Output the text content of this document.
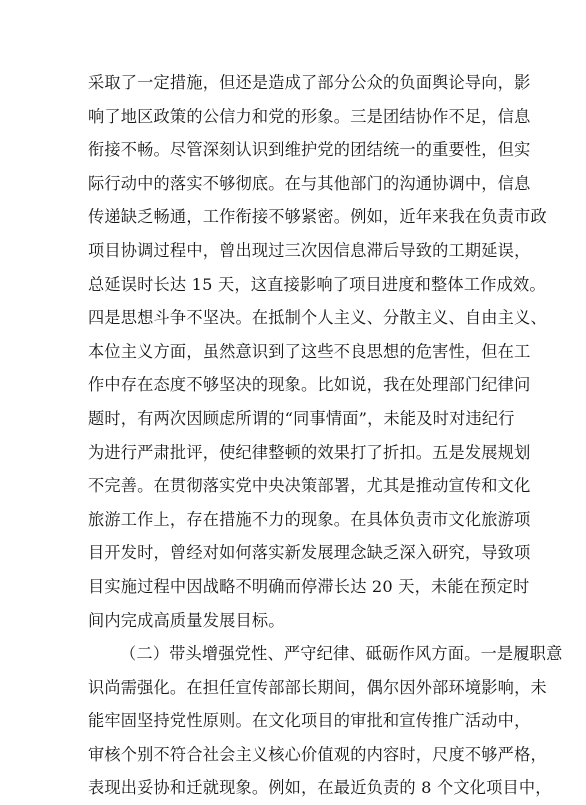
采取了一定措施，但还是造成了部分公众的负面舆论导向，影
响了地区政策的公信力和党的形象。三是团结协作不足，信息
衔接不畅。尽管深刻认识到维护党的团结统一的重要性，但实
际行动中的落实不够彻底。在与其他部门的沟通协调中，信息
传递缺乏畅通，工作衔接不够紧密。例如，近年来我在负责市政
项目协调过程中，曾出现过三次因信息滞后导致的工期延误，
总延误时长达 15 天，这直接影响了项目进度和整体工作成效。
四是思想斗争不坚决。在抵制个人主义、分散主义、自由主义、
本位主义方面，虽然意识到了这些不良思想的危害性，但在工
作中存在态度不够坚决的现象。比如说，我在处理部门纪律问
题时，有两次因顾虑所谓的“同事情面”，未能及时对违纪行
为进行严肃批评，使纪律整顿的效果打了折扣。五是发展规划
不完善。在贯彻落实党中央决策部署，尤其是推动宣传和文化
旅游工作上，存在措施不力的现象。在具体负责市文化旅游项
目开发时，曾经对如何落实新发展理念缺乏深入研究，导致项
目实施过程中因战略不明确而停滞长达 20 天，未能在预定时
间内完成高质量发展目标。
（二）带头增强党性、严守纪律、砥砺作风方面。一是履职意
识尚需强化。在担任宣传部部长期间，偶尔因外部环境影响，未
能牢固坚持党性原则。在文化项目的审批和宣传推广活动中，
审核个别不符合社会主义核心价值观的内容时，尺度不够严格，
表现出妥协和迁就现象。例如，在最近负责的 8 个文化项目中，
